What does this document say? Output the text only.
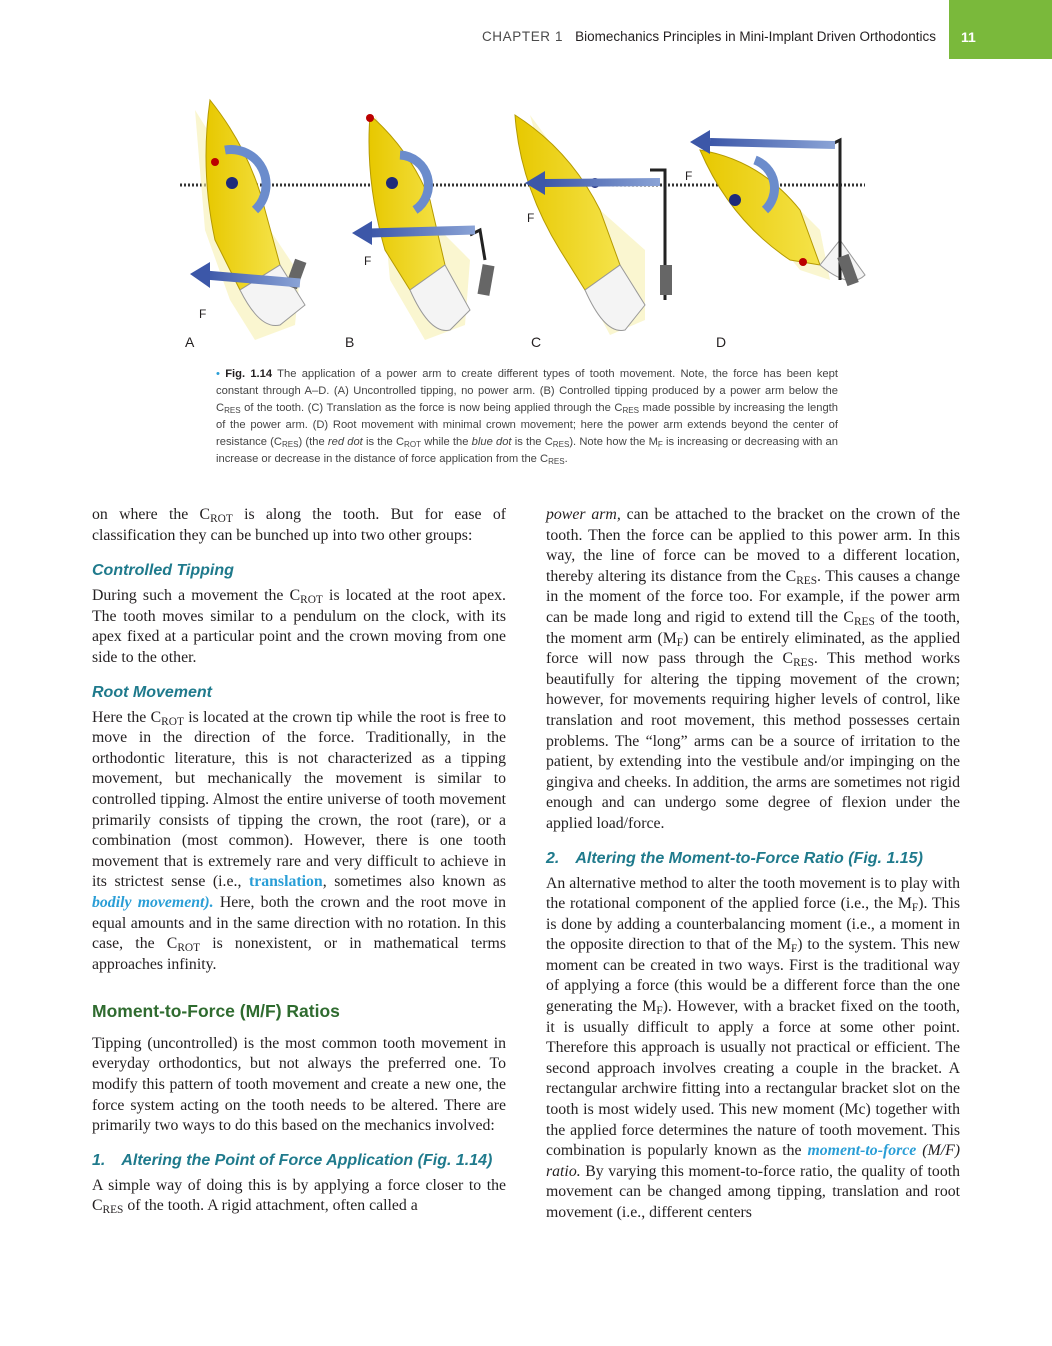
CHAPTER 1 Biomechanics Principles in Mini-Implant Driven Orthodontics 11
A	B	C	D
F
F
F
F
• Fig. 1.14 The application of a power arm to create different types of tooth movement. Note, the force has been kept constant through A–D. (A) Uncontrolled tipping, no power arm. (B) Controlled tipping produced by a power arm below the $C_{RES}$ of the tooth. (C) Translation as the force is now being applied through the $C_{RES}$ made possible by increasing the length of the power arm. (D) Root movement with minimal crown movement; here the power arm extends beyond the center of resistance $(C_{RES})$ (the red dot is the $C_{ROT}$ while the blue dot is the $C_{RES}$). Note how the $M_F$ is increasing or decreasing with an increase or decrease in the distance of force application from the $C_{RES}$.

on where the $C_{ROT}$ is along the tooth. But for ease of classification they can be bunched up into two other groups:

Controlled Tipping

During such a movement the $C_{ROT}$ is located at the root apex. The tooth moves similar to a pendulum on the clock, with its apex fixed at a particular point and the crown moving from one side to the other.

Root Movement

Here the $C_{ROT}$ is located at the crown tip while the root is free to move in the direction of the force. Traditionally, in the orthodontic literature, this is not characterized as a tipping movement, but mechanically the movement is similar to controlled tipping. Almost the entire universe of tooth movement primarily consists of tipping the crown, the root (rare), or a combination (most common). However, there is one tooth movement that is extremely rare and very difficult to achieve in its strictest sense (i.e., translation, sometimes also known as bodily movement). Here, both the crown and the root move in equal amounts and in the same direction with no rotation. In this case, the $C_{ROT}$ is nonexistent, or in mathematical terms approaches infinity.

Moment-to-Force (M/F) Ratios

Tipping (uncontrolled) is the most common tooth movement in everyday orthodontics, but not always the preferred one. To modify this pattern of tooth movement and create a new one, the force system acting on the tooth needs to be altered. There are primarily two ways to do this based on the mechanics involved:

1. Altering the Point of Force Application (Fig. 1.14)

A simple way of doing this is by applying a force closer to the $C_{RES}$ of the tooth. A rigid attachment, often called a

power arm, can be attached to the bracket on the crown of the tooth. Then the force can be applied to this power arm. In this way, the line of force can be moved to a different location, thereby altering its distance from the $C_{RES}$. This causes a change in the moment of the force too. For example, if the power arm can be made long and rigid to extend till the $C_{RES}$ of the tooth, the moment arm $(M_F)$ can be entirely eliminated, as the applied force will now pass through the $C_{RES}$. This method works beautifully for altering the tipping movement of the crown; however, for movements requiring higher levels of control, like translation and root movement, this method possesses certain problems. The “long” arms can be a source of irritation to the patient, by extending into the vestibule and/or impinging on the gingiva and cheeks. In addition, the arms are sometimes not rigid enough and can undergo some degree of flexion under the applied load/force.

2. Altering the Moment-to-Force Ratio (Fig. 1.15)

An alternative method to alter the tooth movement is to play with the rotational component of the applied force (i.e., the $M_F$). This is done by adding a counterbalancing moment (i.e., a moment in the opposite direction to that of the $M_F$) to the system. This new moment can be created in two ways. First is the traditional way of applying a force (this would be a different force than the one generating the $M_F$). However, with a bracket fixed on the tooth, it is usually difficult to apply a force at some other point. Therefore this approach is usually not practical or efficient. The second approach involves creating a couple in the bracket. A rectangular archwire fitting into a rectangular bracket slot on the tooth is most widely used. This new moment (Mc) together with the applied force determines the nature of tooth movement. This combination is popularly known as the moment-to-force (M/F) ratio. By varying this moment-to-force ratio, the quality of tooth movement can be changed among tipping, translation and root movement (i.e., different centers
